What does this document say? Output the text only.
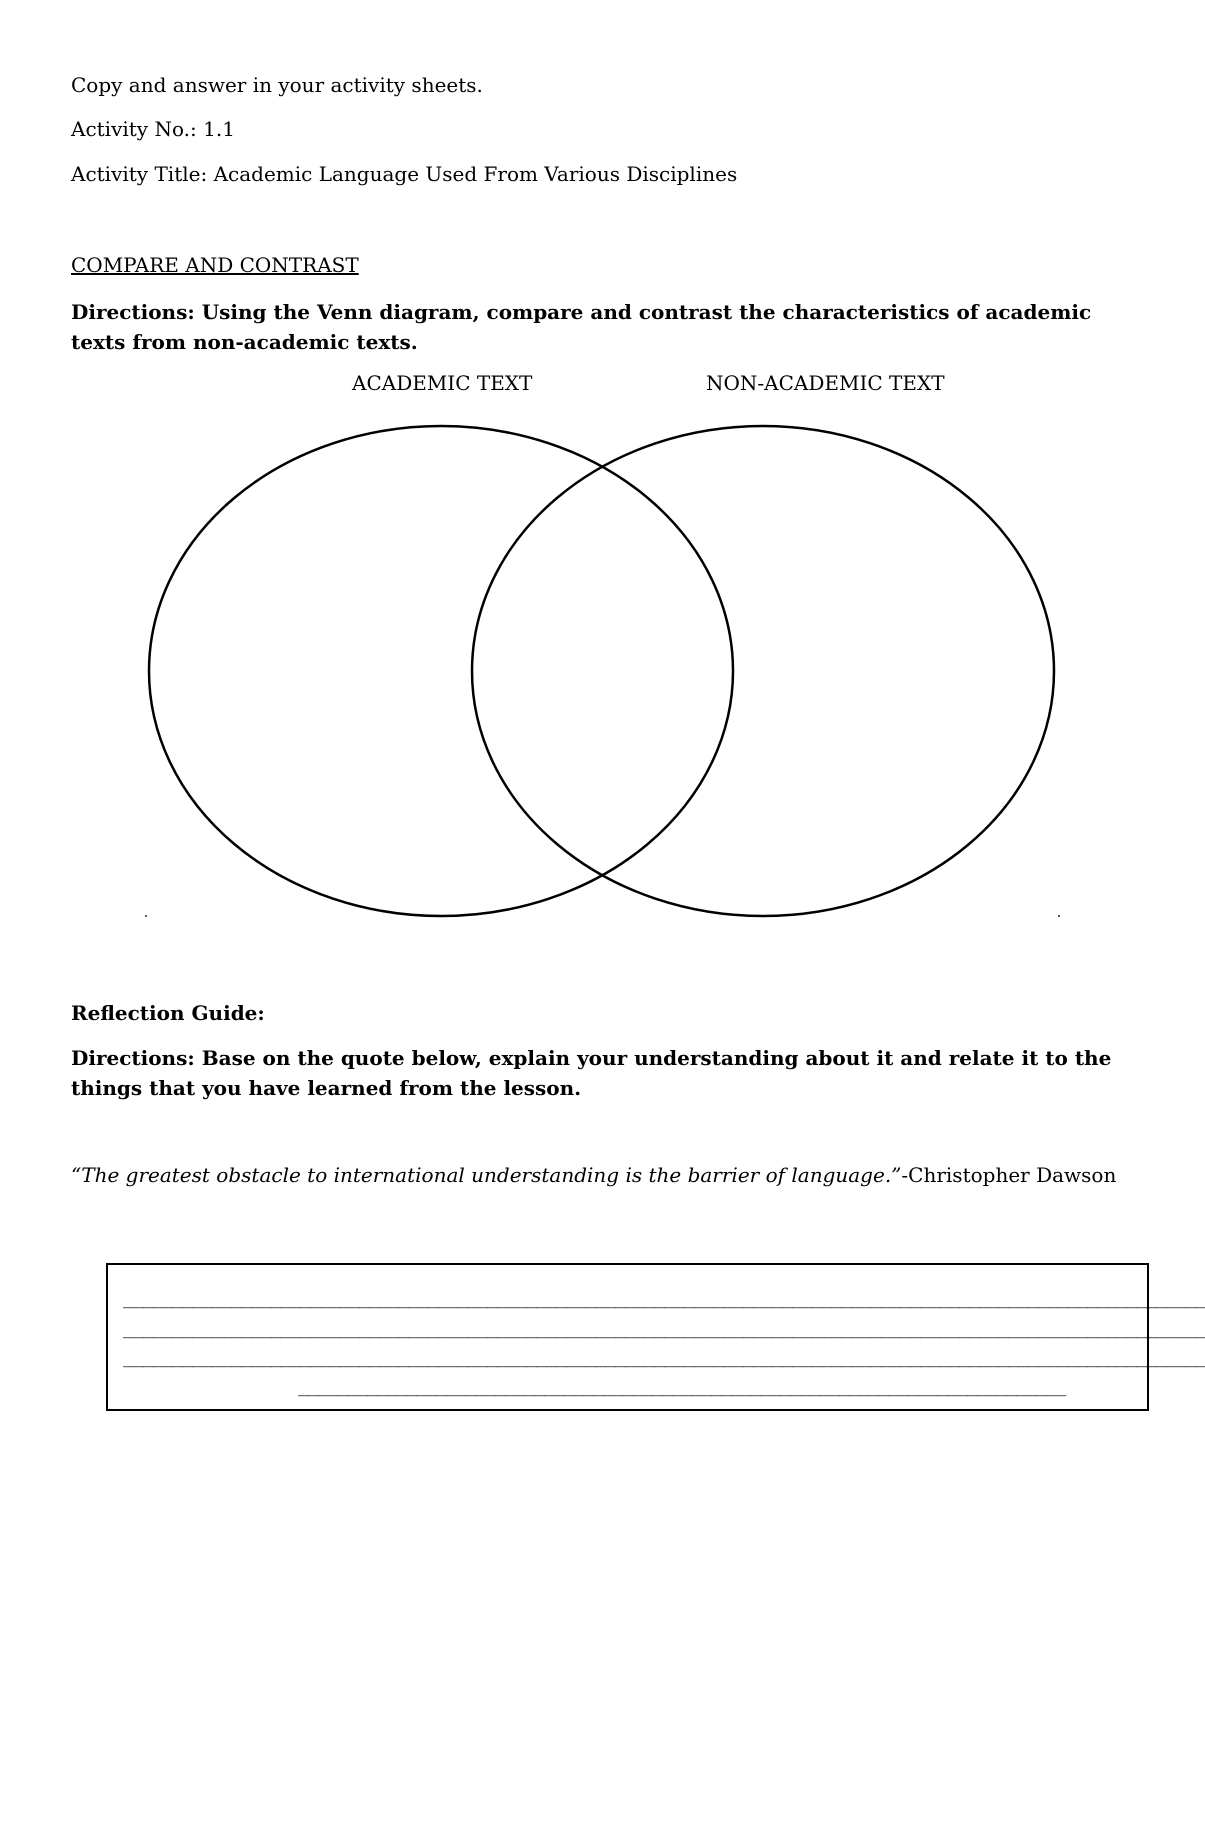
Copy and answer in your activity sheets.
Activity No.: 1.1
Activity Title: Academic Language Used From Various Disciplines
COMPARE AND CONTRAST
Directions: Using the Venn diagram, compare and contrast the characteristics of academic texts from non-academic texts.
ACADEMIC TEXT	NON-ACADEMIC TEXT
Reflection Guide:
Directions: Base on the quote below, explain your understanding about it and relate it to the things that you have learned from the lesson.
“The greatest obstacle to international understanding is the barrier of language.”-Christopher Dawson
______________________________________________________________________________________________________________
______________________________________________________________________________________________________________
______________________________________________________________________________________________________________
______________________________________________________________________________
